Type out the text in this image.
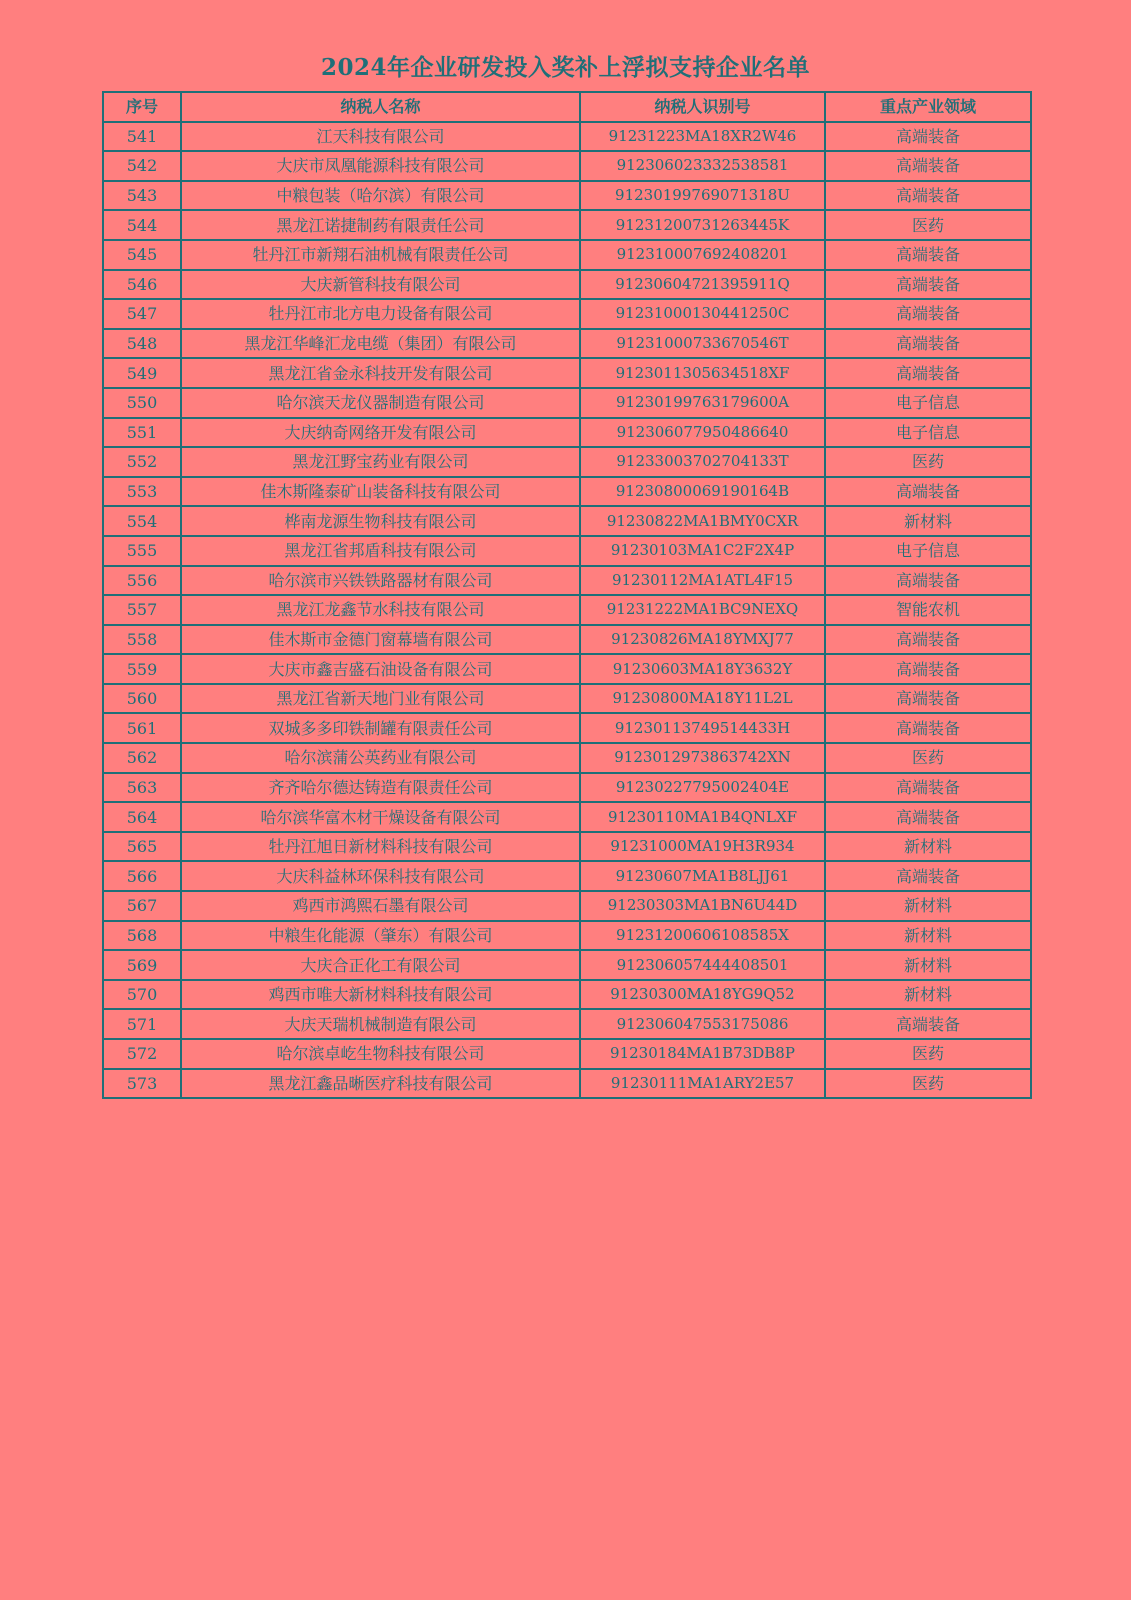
2024年企业研发投入奖补上浮拟支持企业名单
序号	纳税人名称	纳税人识别号	重点产业领域
541	江天科技有限公司	91231223MA18XR2W46	高端装备
542	大庆市凤凰能源科技有限公司	912306023332538581	高端装备
543	中粮包装（哈尔滨）有限公司	91230199769071318U	高端装备
544	黑龙江诺捷制药有限责任公司	91231200731263445K	医药
545	牡丹江市新翔石油机械有限责任公司	912310007692408201	高端装备
546	大庆新管科技有限公司	91230604721395911Q	高端装备
547	牡丹江市北方电力设备有限公司	91231000130441250C	高端装备
548	黑龙江华峰汇龙电缆（集团）有限公司	91231000733670546T	高端装备
549	黑龙江省金永科技开发有限公司	9123011305634518XF	高端装备
550	哈尔滨天龙仪器制造有限公司	91230199763179600A	电子信息
551	大庆纳奇网络开发有限公司	912306077950486640	电子信息
552	黑龙江野宝药业有限公司	91233003702704133T	医药
553	佳木斯隆泰矿山装备科技有限公司	91230800069190164B	高端装备
554	桦南龙源生物科技有限公司	91230822MA1BMY0CXR	新材料
555	黑龙江省邦盾科技有限公司	91230103MA1C2F2X4P	电子信息
556	哈尔滨市兴铁铁路器材有限公司	91230112MA1ATL4F15	高端装备
557	黑龙江龙鑫节水科技有限公司	91231222MA1BC9NEXQ	智能农机
558	佳木斯市金德门窗幕墙有限公司	91230826MA18YMXJ77	高端装备
559	大庆市鑫吉盛石油设备有限公司	91230603MA18Y3632Y	高端装备
560	黑龙江省新天地门业有限公司	91230800MA18Y11L2L	高端装备
561	双城多多印铁制罐有限责任公司	91230113749514433H	高端装备
562	哈尔滨蒲公英药业有限公司	9123012973863742XN	医药
563	齐齐哈尔德达铸造有限责任公司	91230227795002404E	高端装备
564	哈尔滨华富木材干燥设备有限公司	91230110MA1B4QNLXF	高端装备
565	牡丹江旭日新材料科技有限公司	91231000MA19H3R934	新材料
566	大庆科益林环保科技有限公司	91230607MA1B8LJJ61	高端装备
567	鸡西市鸿熙石墨有限公司	91230303MA1BN6U44D	新材料
568	中粮生化能源（肇东）有限公司	91231200606108585X	新材料
569	大庆合正化工有限公司	912306057444408501	新材料
570	鸡西市唯大新材料科技有限公司	91230300MA18YG9Q52	新材料
571	大庆天瑞机械制造有限公司	912306047553175086	高端装备
572	哈尔滨卓屹生物科技有限公司	91230184MA1B73DB8P	医药
573	黑龙江鑫品晰医疗科技有限公司	91230111MA1ARY2E57	医药
